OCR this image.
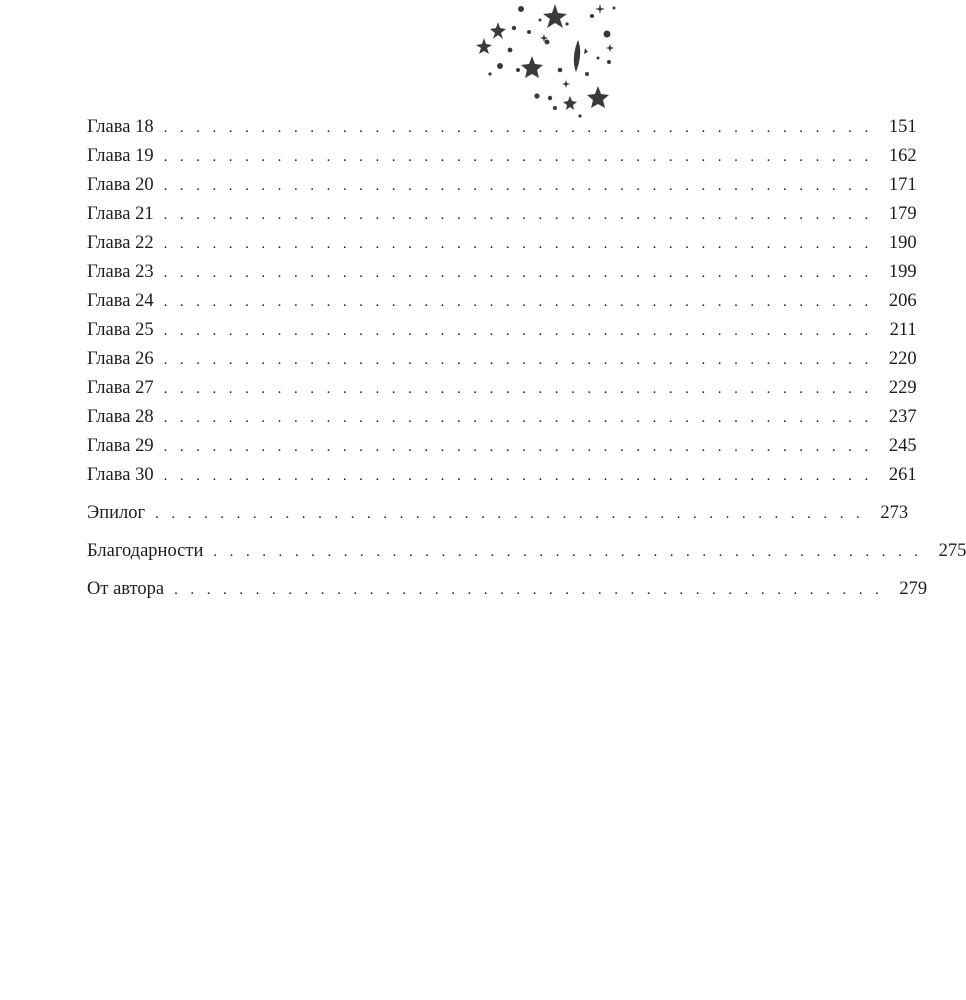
Глава 18 . . . . . . . . . . . . . . . . . . . . . . . . . . . . . . . . . . . . . . . . . . . . 151
Глава 19 . . . . . . . . . . . . . . . . . . . . . . . . . . . . . . . . . . . . . . . . . . . . 162
Глава 20 . . . . . . . . . . . . . . . . . . . . . . . . . . . . . . . . . . . . . . . . . . . . 171
Глава 21 . . . . . . . . . . . . . . . . . . . . . . . . . . . . . . . . . . . . . . . . . . . . 179
Глава 22 . . . . . . . . . . . . . . . . . . . . . . . . . . . . . . . . . . . . . . . . . . . . 190
Глава 23 . . . . . . . . . . . . . . . . . . . . . . . . . . . . . . . . . . . . . . . . . . . . 199
Глава 24 . . . . . . . . . . . . . . . . . . . . . . . . . . . . . . . . . . . . . . . . . . . . 206
Глава 25 . . . . . . . . . . . . . . . . . . . . . . . . . . . . . . . . . . . . . . . . . . . . 211
Глава 26 . . . . . . . . . . . . . . . . . . . . . . . . . . . . . . . . . . . . . . . . . . . . 220
Глава 27 . . . . . . . . . . . . . . . . . . . . . . . . . . . . . . . . . . . . . . . . . . . . 229
Глава 28 . . . . . . . . . . . . . . . . . . . . . . . . . . . . . . . . . . . . . . . . . . . . 237
Глава 29 . . . . . . . . . . . . . . . . . . . . . . . . . . . . . . . . . . . . . . . . . . . . 245
Глава 30 . . . . . . . . . . . . . . . . . . . . . . . . . . . . . . . . . . . . . . . . . . . . 261
Эпилог . . . . . . . . . . . . . . . . . . . . . . . . . . . . . . . . . . . . . . . . . . . . 273
Благодарности . . . . . . . . . . . . . . . . . . . . . . . . . . . . . . . . . . . . . . . . . . . . 275
От автора . . . . . . . . . . . . . . . . . . . . . . . . . . . . . . . . . . . . . . . . . . . . 279
